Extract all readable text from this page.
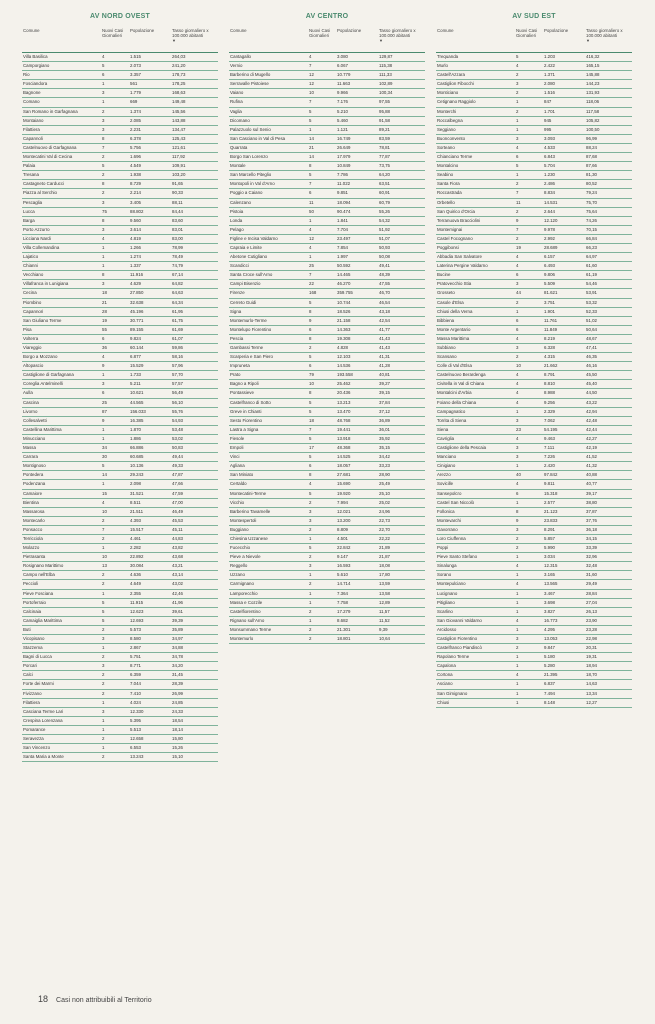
AV NORD OVEST
Comune	Nuovi Casi Giornalieri
Popolazione	Tasso giornaliero x 100.000 abitanti
▼
Villa Basilica	4	1.515	264,03
Camporgiano	5	2.073	241,20
Rio	6	3.357	178,73
Fosciandora	1	561	178,25
Bagnone	3	1.779	168,63
Comano	1	669	149,48
San Romano in Garfagnana	2	1.374	145,56
Montaiano	3	2.085	143,88
Filattiera	3	2.231	134,47
Capannoli	8	6.378	125,43
Castelnuovo di Garfagnana	7	5.756	121,61
Montecatini Val di Cecina	2	1.696	117,92
Palaia	5	4.549	109,91
Tresana	2	1.938	103,20
Castagneto Carducci	8	8.729	91,65
Piazza al Serchio	2	2.214	90,33
Pescaglia	3	3.405	88,11
Lucca	75	88.802	84,44
Barga	8	9.560	83,60
Porto Azzurro	3	3.614	83,01
Licciana Nardi	4	4.819	83,00
Villa Collemandina	1	1.266	78,99
Lajatico	1	1.274	78,49
Chianni	1	1.337	74,79
Vecchiano	8	11.916	67,14
Villafranca in Lunigiana	3	4.629	64,82
Cecina	18	27.850	64,63
Piombino	21	32.638	64,34
Capannori	28	45.196	61,95
San Giuliano Terme	19	30.771	61,75
Pisa	55	89.155	61,69
Volterra	6	9.824	61,07
Viareggio	36	60.144	59,86
Borgo a Mozzano	4	6.877	58,16
Altopascio	9	15.529	57,96
Castiglione di Garfagnana	1	1.733	57,70
Coreglia Antelminelli	3	5.211	57,57
Aulla	6	10.621	56,49
Cascina	25	44.565	56,10
Livorno	87	156.033	55,76
Collesalvetti	9	16.385	54,93
Castellina Marittima	1	1.870	53,48
Minucciano	1	1.886	53,02
Massa	34	66.886	50,83
Carrara	30	60.685	49,44
Montignoso	5	10.136	49,33
Pontedera	14	29.243	47,87
Podenzana	1	2.098	47,66
Camaiore	15	31.521	47,59
Bientina	4	8.511	47,00
Massarosa	10	21.511	46,49
Montecarlo	2	4.393	45,53
Ponsacco	7	15.517	45,11
Terricciola	2	4.461	44,83
Molazzo	1	2.282	43,82
Pietrasanta	10	22.892	43,68
Rosignano Marittimo	13	30.084	43,21
Campo nell'Elba	2	4.636	43,14
Peccioli	2	4.649	43,02
Pieve Fosciana	1	2.355	42,46
Portoferraio	5	11.915	41,96
Calcinaia	5	12.623	39,61
Camaiglia Marittima	5	12.693	39,39
Buti	2	5.573	35,89
Vicopisano	3	8.580	34,97
Stazzema	1	2.867	34,88
Bagni di Lucca	2	5.751	34,78
Porcari	3	8.771	34,20
Calci	2	6.359	31,45
Forte dei Marmi	2	7.044	28,39
Fivizzano	2	7.410	26,99
Filattiera	1	4.024	24,85
Casciana Terme Lari	3	12.330	24,33
Crespina Lorenzana	1	5.395	18,54
Pomarance	1	5.513	18,14
Seravezza	2	12.658	15,80
San Vincenzo	1	6.553	15,26
Santa Maria a Monte	2	13.243	15,10
AV CENTRO
Comune	Nuovi Casi Giornalieri
Popolazione	Tasso giornaliero x 100.000 abitanti
▼
Cantagallo	4	3.080	129,87
Vernio	7	6.067	115,38
Barberino di Mugello	12	10.779	111,33
Serravalle Pistoiese	12	11.663	102,89
Vaiano	10	9.966	100,34
Rufina	7	7.176	97,55
Vaglia	5	5.210	95,88
Dicomano	5	5.460	91,58
Palazzuolo sul Senio	1	1.121	89,21
San Casciano in Val di Pesa	14	16.749	83,59
Quarrata	21	26.649	78,81
Borgo San Lorenzo	14	17.979	77,87
Montale	8	10.849	73,75
San Marcello Piteglio	5	7.786	64,20
Montopoli in Val d'Arno	7	11.022	63,51
Poggio a Caiano	6	9.851	60,91
Calenzano	11	18.094	60,79
Pistoia	50	90.474	55,26
Londa	1	1.841	54,32
Pelago	4	7.704	51,92
Figline e Incisa Valdarno	12	23.497	51,07
Capraia e Limite	4	7.854	50,93
Abetone Cutigliano	1	1.997	50,08
Scandicci	25	50.592	49,41
Santa Croce sull'Arno	7	14.465	48,39
Campi Bisenzio	22	46.270	47,55
Firenze	168	359.755	46,70
Cerreto Guidi	5	10.744	46,54
Signa	8	18.526	43,18
Montemurlo-Terme	9	21.158	42,54
Montelupo Fiorentino	6	14.363	41,77
Pescia	8	19.308	41,43
Gambassi Terme	2	4.828	41,43
Scarperia e San Piero	5	12.103	41,31
Impruneta	6	14.536	41,28
Prato	79	193.558	40,81
Bagno a Ripoli	10	25.462	39,27
Pontassieve	8	20.436	39,15
Castelfranco di Sotto	5	13.213	37,84
Greve in Chianti	5	13.470	37,12
Sesto Fiorentino	18	48.768	36,89
Lastra a Signa	7	19.441	36,01
Fiesole	5	13.918	35,92
Empoli	17	48.368	35,15
Vinci	5	14.525	34,42
Agliana	6	18.057	33,23
San Miniato	8	27.681	28,90
Certaldo	4	15.690	25,49
Montecatini-Terme	5	19.920	25,10
Vicchio	2	7.994	25,02
Barberino Tavarnelle	3	12.021	24,96
Montespertoli	3	13.200	22,73
Buggiano	2	8.809	22,70
Chiesina Uzzanese	1	4.501	22,22
Fucecchio	5	22.842	21,89
Pieve a Nievole	2	9.147	21,87
Reggello	3	16.593	18,08
Uzzano	1	5.610	17,80
Carmignano	2	14.714	13,59
Lamporecchio	1	7.364	13,58
Massa e Cozzile	1	7.758	12,89
Castelfiorentino	2	17.279	11,57
Rignano sull'Arno	1	8.682	11,52
Monsummano Terme	2	21.301	9,39
Montemurlo	2	18.801	10,64
AV SUD EST
Comune	Nuovi Casi Giornalieri
Popolazione	Tasso giornaliero x 100.000 abitanti
▼
Trequanda	5	1.203	416,32
Murlo	4	2.422	165,15
Castell'Azzara	2	1.371	145,88
Castiglion Fibocchi	3	2.080	144,23
Monticiano	2	1.516	131,93
Cetignano Raggiolo	1	847	118,06
Monterchi	2	1.701	117,58
Roccalbegna	1	945	105,82
Seggiano	1	995	100,50
Buonconvento	3	3.093	96,99
Sorteano	4	4.533	88,24
Chianciano Terme	6	6.843	87,68
Montalcino	5	5.704	87,66
Seabino	1	1.230	81,30
Santa Fiora	2	2.486	80,52
Roccastrada	7	8.834	79,24
Orbetello	11	14.531	75,70
San Quirico d'Orcia	2	2.644	75,64
Terranuova Bracciolini	9	12.120	74,26
Montemignai	7	9.978	70,15
Castel Focognano	2	2.992	66,84
Poggibonsi	19	28.689	66,23
Abbadia San Salvatore	4	6.157	64,97
Laterina Pergine Valdarno	4	6.493	61,60
Bucine	6	9.806	61,19
Pratovecchio Stia	3	5.509	54,46
Grosseto	44	81.621	53,91
Casole d'Elsa	2	3.751	53,32
Chiusi della Verna	1	1.901	52,33
Bibbiena	6	11.761	51,02
Monte Argentario	6	11.849	50,64
Massa Marittima	4	8.219	48,67
Subbiano	3	6.328	47,41
Scansano	2	4.315	46,35
Colle di Val d'Elsa	10	21.662	46,16
Castelnuovo Berardenga	4	8.791	45,50
Civitella in Val di Chiana	4	8.810	45,40
Montalcini d'Arbia	4	8.988	44,50
Foiano della Chiana	4	9.256	43,22
Campagnatico	1	2.329	42,94
Torrita di Siena	3	7.062	42,48
Siena	23	54.195	42,44
Cavriglia	4	9.463	42,27
Castiglione della Pescaia	3	7.111	42,19
Manciano	3	7.226	41,52
Cinigiano	1	2.420	41,32
Arezzo	40	97.842	40,88
Sovicille	4	9.811	40,77
Sansepolcro	6	15.318	39,17
Castel San Niccolò	1	2.577	38,80
Follonica	8	21.123	37,87
Montevarchi	9	23.833	37,76
Gavorrano	3	8.291	36,18
Loro Ciuffenna	2	5.857	34,15
Poppi	2	5.990	33,39
Pieve Santo Stefano	1	3.034	32,96
Sinalunga	4	12.315	32,48
Sorano	1	3.165	31,60
Montepulciano	4	13.565	29,49
Lucignano	1	3.467	28,84
Pitigliano	1	3.698	27,04
Scarlino	1	3.827	26,13
San Giovanni Valdarno	4	16.773	23,90
Arcidosso	1	4.295	23,28
Castiglion Fiorentino	3	13.053	22,98
Castelfranco Piandiscò	2	9.847	20,31
Rapolano Terme	1	5.180	19,31
Capalona	1	5.280	18,94
Cortona	4	21.395	18,70
Asciano	1	6.837	14,63
San Gimignano	1	7.494	13,34
Chiusi	1	8.148	12,27
18 Casi non attribuibili al Territorio
